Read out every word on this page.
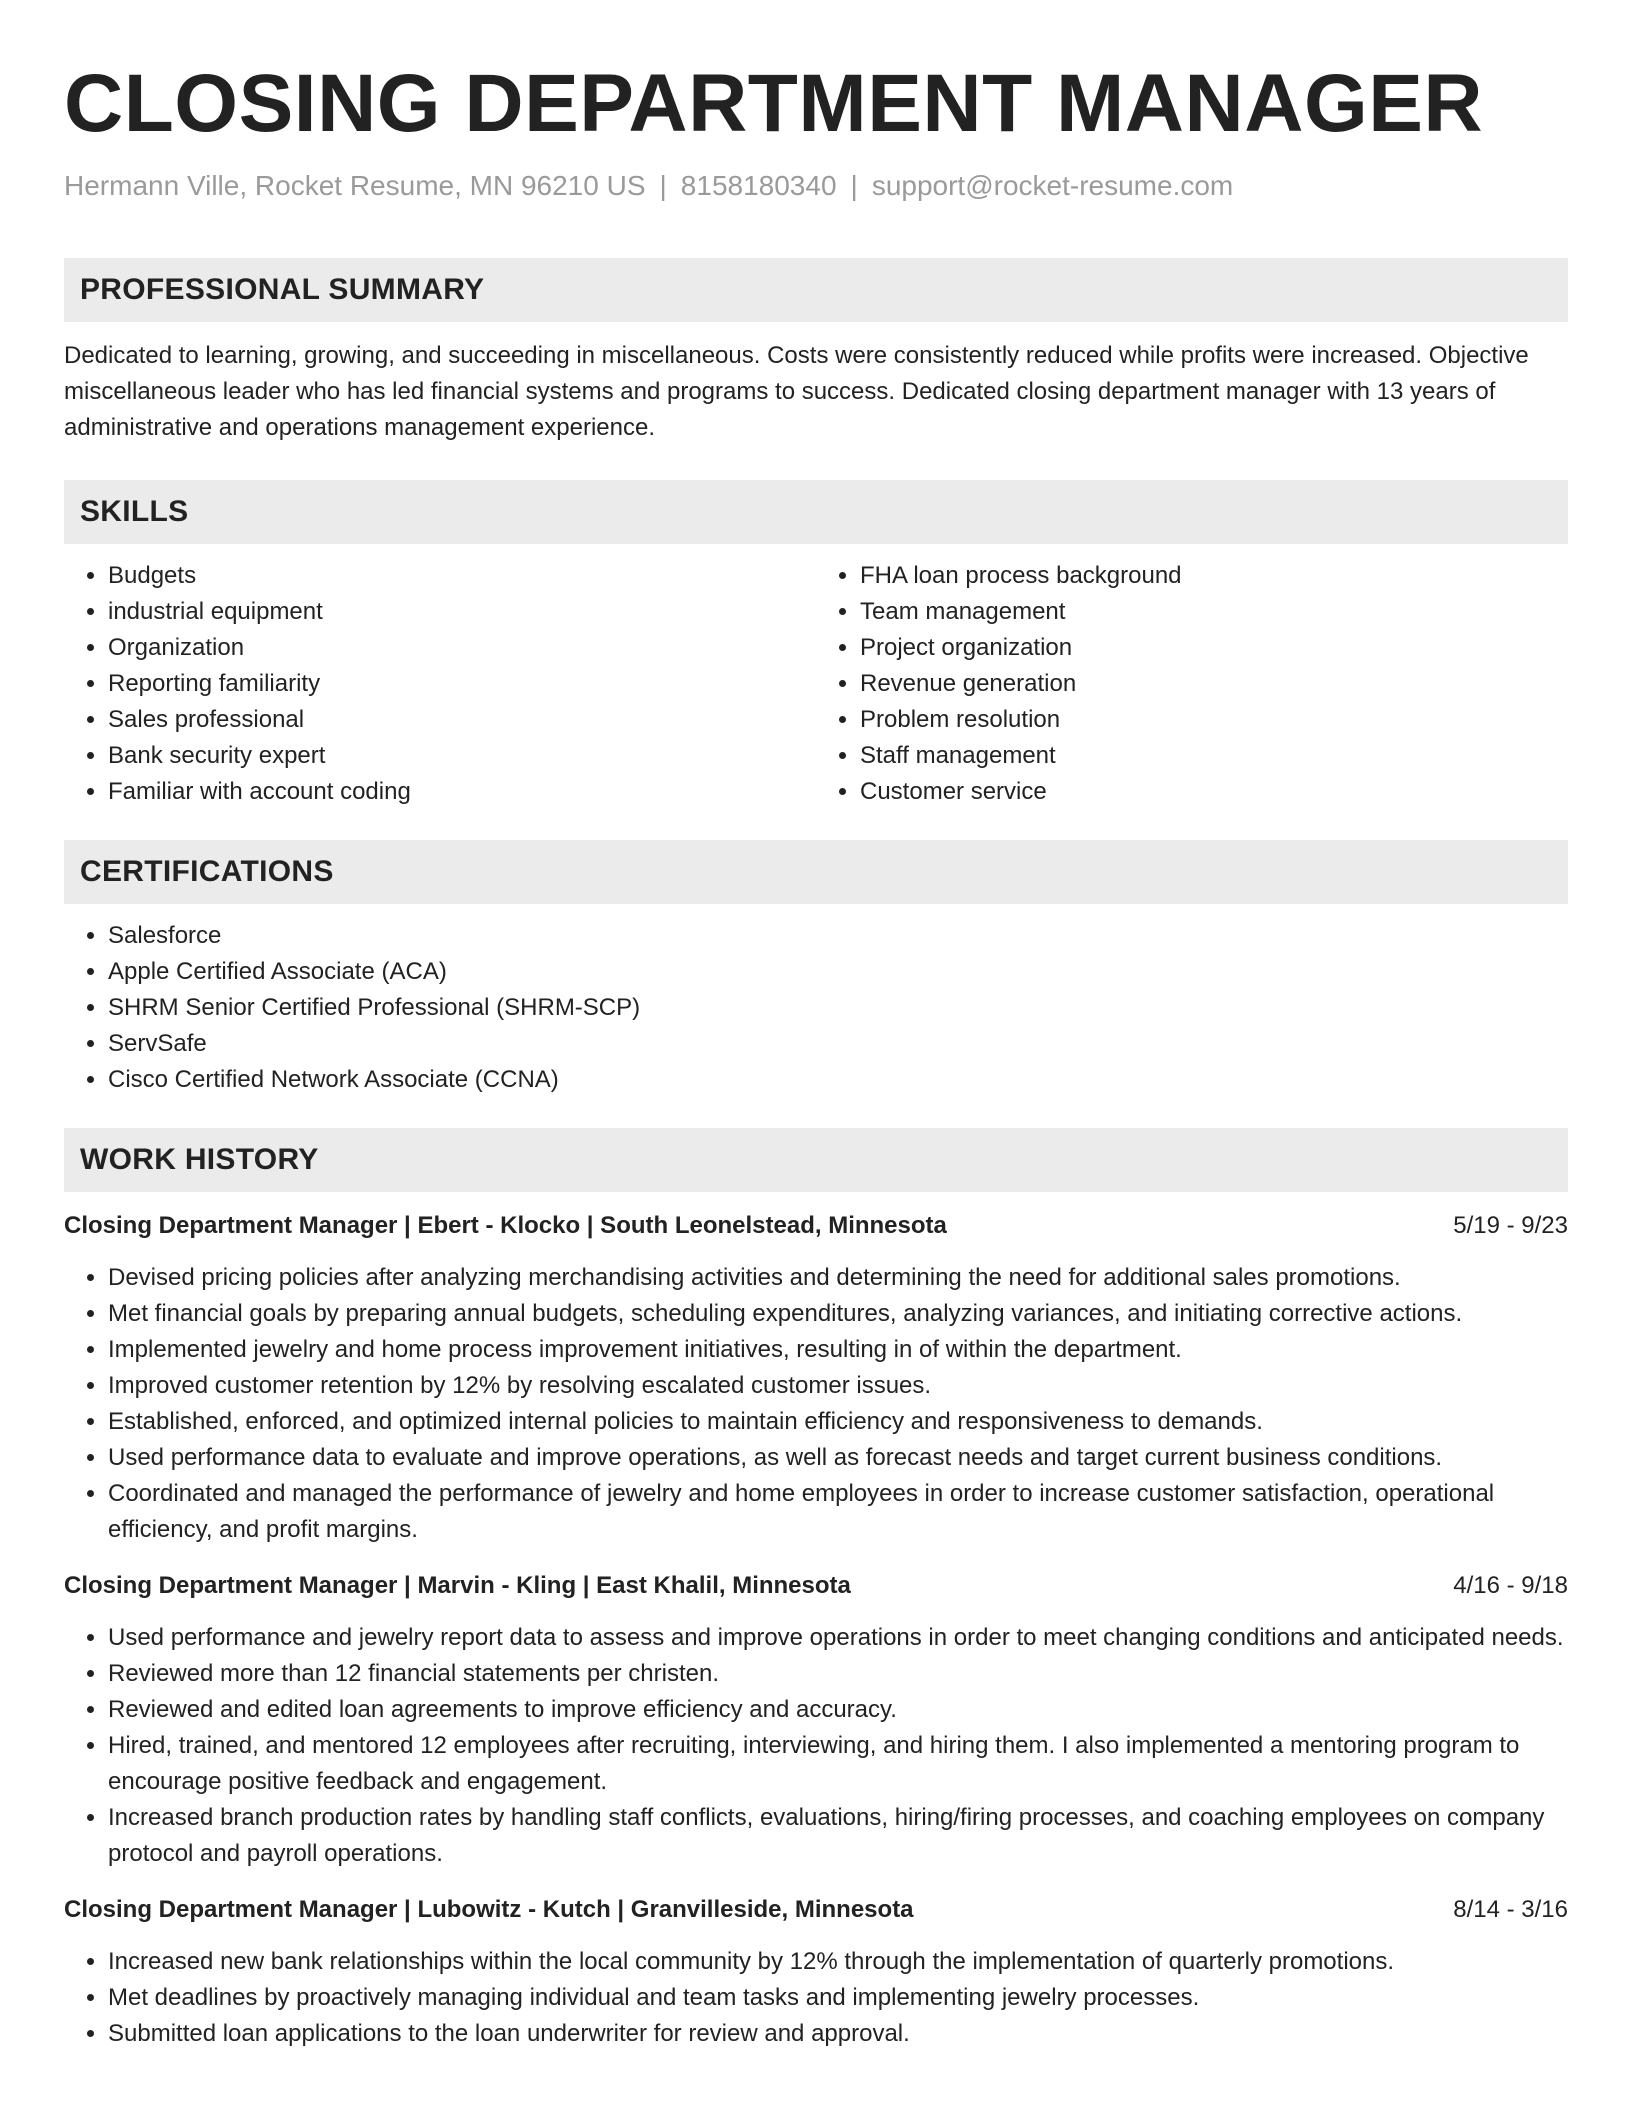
CLOSING DEPARTMENT MANAGER
Hermann Ville, Rocket Resume, MN 96210 US | 8158180340 | support@rocket-resume.com
PROFESSIONAL SUMMARY

Dedicated to learning, growing, and succeeding in miscellaneous. Costs were consistently reduced while profits were increased. Objective miscellaneous leader who has led financial systems and programs to success. Dedicated closing department manager with 13 years of administrative and operations management experience.

SKILLS
• Budgets
• industrial equipment
• Organization
• Reporting familiarity
• Sales professional
• Bank security expert
• Familiar with account coding
• FHA loan process background
• Team management
• Project organization
• Revenue generation
• Problem resolution
• Staff management
• Customer service
CERTIFICATIONS
• Salesforce
• Apple Certified Associate (ACA)
• SHRM Senior Certified Professional (SHRM-SCP)
• ServSafe
• Cisco Certified Network Associate (CCNA)
WORK HISTORY
Closing Department Manager | Ebert - Klocko | South Leonelstead, Minnesota	5/19 - 9/23
• Devised pricing policies after analyzing merchandising activities and determining the need for additional sales promotions.
• Met financial goals by preparing annual budgets, scheduling expenditures, analyzing variances, and initiating corrective actions.
• Implemented jewelry and home process improvement initiatives, resulting in of within the department.
• Improved customer retention by 12% by resolving escalated customer issues.
• Established, enforced, and optimized internal policies to maintain efficiency and responsiveness to demands.
• Used performance data to evaluate and improve operations, as well as forecast needs and target current business conditions.
• Coordinated and managed the performance of jewelry and home employees in order to increase customer satisfaction, operational efficiency, and profit margins.
Closing Department Manager | Marvin - Kling | East Khalil, Minnesota	4/16 - 9/18
• Used performance and jewelry report data to assess and improve operations in order to meet changing conditions and anticipated needs.
• Reviewed more than 12 financial statements per christen.
• Reviewed and edited loan agreements to improve efficiency and accuracy.
• Hired, trained, and mentored 12 employees after recruiting, interviewing, and hiring them. I also implemented a mentoring program to encourage positive feedback and engagement.
• Increased branch production rates by handling staff conflicts, evaluations, hiring/firing processes, and coaching employees on company protocol and payroll operations.
Closing Department Manager | Lubowitz - Kutch | Granvilleside, Minnesota	8/14 - 3/16
• Increased new bank relationships within the local community by 12% through the implementation of quarterly promotions.
• Met deadlines by proactively managing individual and team tasks and implementing jewelry processes.
• Submitted loan applications to the loan underwriter for review and approval.
